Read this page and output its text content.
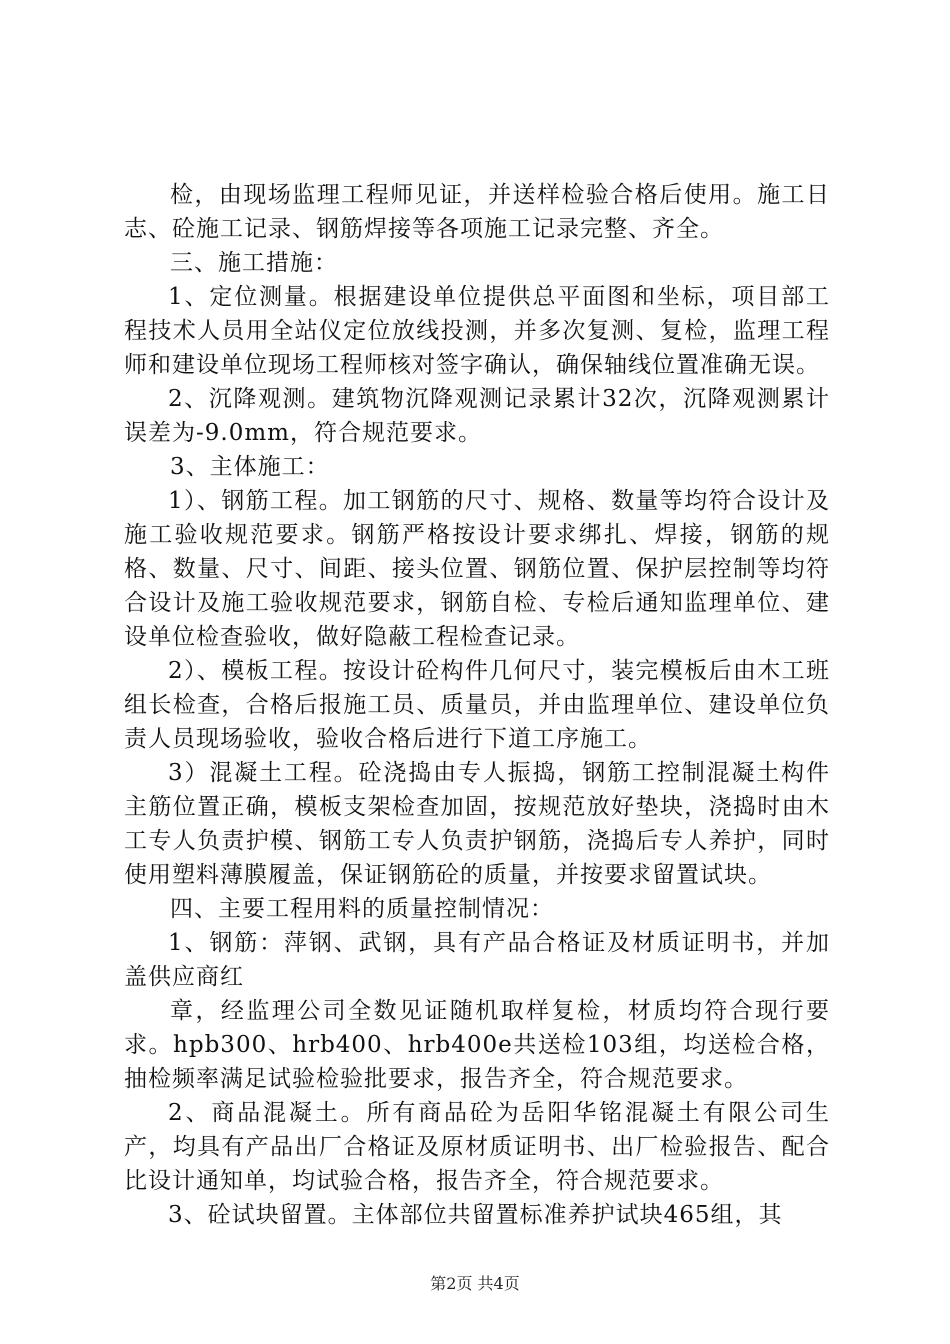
检，由现场监理工程师见证，并送样检验合格后使用。施工日志、砼施工记录、钢筋焊接等各项施工记录完整、齐全。

三、施工措施：

1、定位测量。根据建设单位提供总平面图和坐标，项目部工程技术人员用全站仪定位放线投测，并多次复测、复检，监理工程师和建设单位现场工程师核对签字确认，确保轴线位置准确无误。

2、沉降观测。建筑物沉降观测记录累计32次，沉降观测累计误差为-9.0mm，符合规范要求。

3、主体施工：

1）、钢筋工程。加工钢筋的尺寸、规格、数量等均符合设计及施工验收规范要求。钢筋严格按设计要求绑扎、焊接，钢筋的规格、数量、尺寸、间距、接头位置、钢筋位置、保护层控制等均符合设计及施工验收规范要求，钢筋自检、专检后通知监理单位、建设单位检查验收，做好隐蔽工程检查记录。

2）、模板工程。按设计砼构件几何尺寸，装完模板后由木工班组长检查，合格后报施工员、质量员，并由监理单位、建设单位负责人员现场验收，验收合格后进行下道工序施工。

3）混凝土工程。砼浇捣由专人振捣，钢筋工控制混凝土构件主筋位置正确，模板支架检查加固，按规范放好垫块，浇捣时由木工专人负责护模、钢筋工专人负责护钢筋，浇捣后专人养护，同时使用塑料薄膜履盖，保证钢筋砼的质量，并按要求留置试块。

四、主要工程用料的质量控制情况：

1、钢筋：萍钢、武钢，具有产品合格证及材质证明书，并加盖供应商红

章，经监理公司全数见证随机取样复检，材质均符合现行要求。hpb300、hrb400、hrb400e共送检103组，均送检合格，抽检频率满足试验检验批要求，报告齐全，符合规范要求。

2、商品混凝土。所有商品砼为岳阳华铭混凝土有限公司生产，均具有产品出厂合格证及原材质证明书、出厂检验报告、配合比设计通知单，均试验合格，报告齐全，符合规范要求。

3、砼试块留置。主体部位共留置标准养护试块465组，其

第2页 共4页
